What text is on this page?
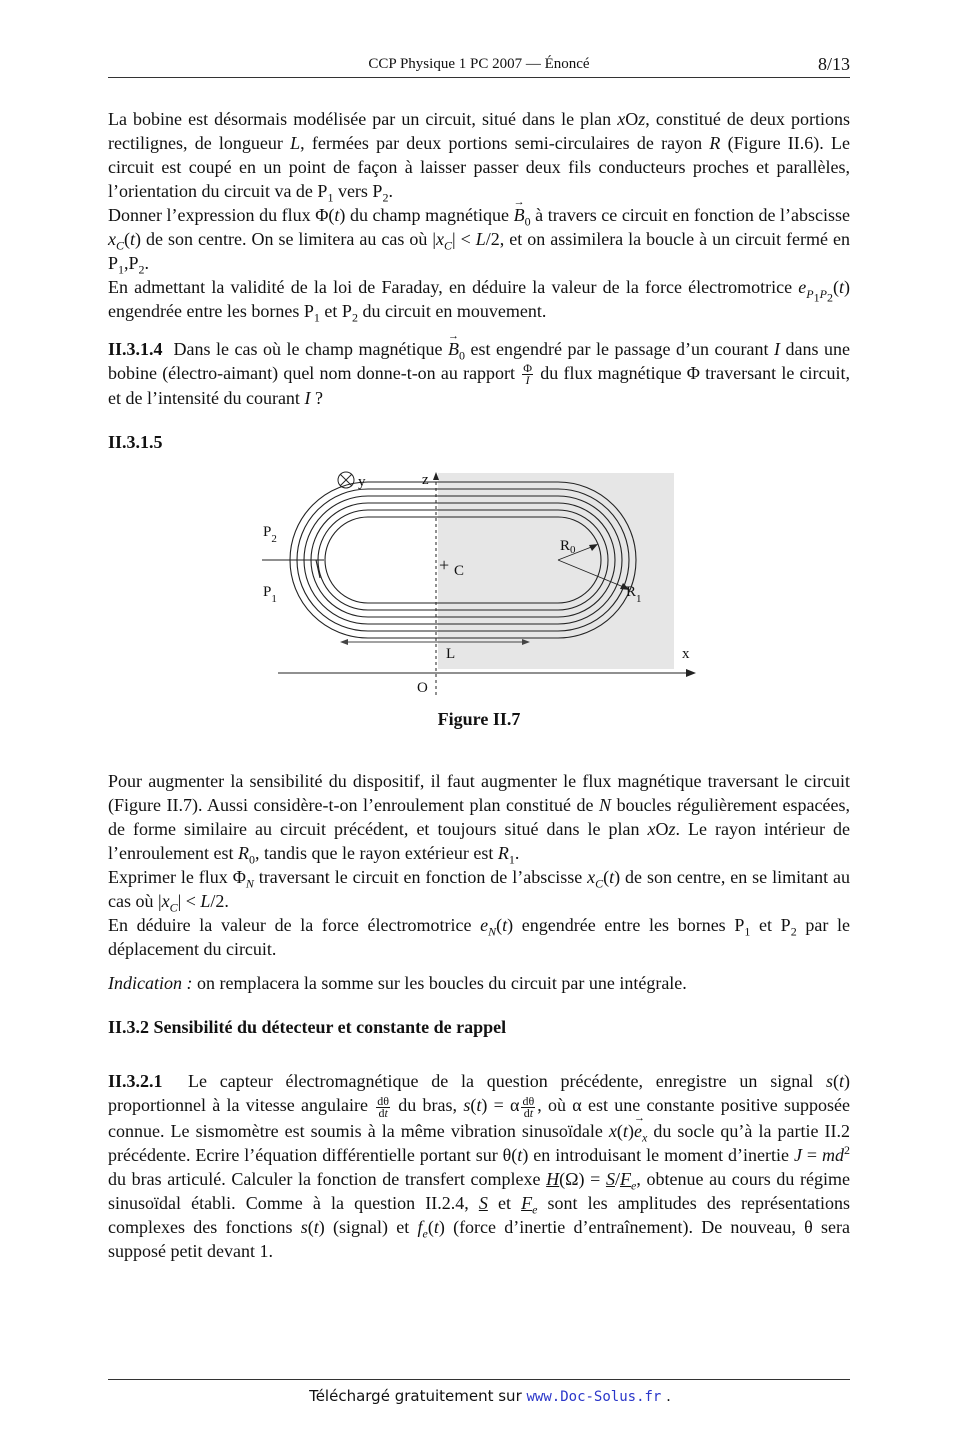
CCP Physique 1 PC 2007 — Énoncé	8/13

La bobine est désormais modélisée par un circuit, situé dans le plan xOz, constitué de deux portions rectilignes, de longueur L, fermées par deux portions semi-circulaires de rayon R (Figure II.6). Le circuit est coupé en un point de façon à laisser passer deux fils conducteurs proches et parallèles, l’orientation du circuit va de $P_1$ vers $P_2$.

Donner l’expression du flux Φ(t) du champ magnétique → $B_0$ à travers ce circuit en fonction de l’abscisse $x_C(t)$ de son centre. On se limitera au cas où $|x_C| < L/2$, et on assimilera la boucle à un circuit fermé en $P_1,P_2$.

En admettant la validité de la loi de Faraday, en déduire la valeur de la force électromotrice $e_{P_1P_2}(t)$ engendrée entre les bornes $P_1$ et $P_2$ du circuit en mouvement.

II.3.1.4 Dans le cas où le champ magnétique → $B_0$ est engendré par le passage d’un courant I dans une bobine (électro-aimant) quel nom donne-t-on au rapport $\frac{\Phi}{I}$ du flux magnétique Φ traversant le circuit, et de l’intensité du courant I ?

II.3.1.5

y	z
$P_2$
$P_1$
$R_0$
+ C
$R_1$
L	x
O
Figure II.7

Pour augmenter la sensibilité du dispositif, il faut augmenter le flux magnétique traversant le circuit (Figure II.7). Aussi considère-t-on l’enroulement plan constitué de N boucles régulièrement espacées, de forme similaire au circuit précédent, et toujours situé dans le plan xOz. Le rayon intérieur de l’enroulement est $R_0$, tandis que le rayon extérieur est $R_1$.

Exprimer le flux $\Phi_N$ traversant le circuit en fonction de l’abscisse $x_C(t)$ de son centre, en se limitant au cas où $|x_C| < L/2$.

En déduire la valeur de la force électromotrice $e_N(t)$ engendrée entre les bornes $P_1$ et $P_2$ par le déplacement du circuit.

Indication : on remplacera la somme sur les boucles du circuit par une intégrale.

II.3.2 Sensibilité du détecteur et constante de rappel

II.3.2.1 Le capteur électromagnétique de la question précédente, enregistre un signal s(t) proportionnel à la vitesse angulaire $\frac{d\theta}{dt}$ du bras, s(t) = α $\frac{d\theta}{dt}$ , où α est une constante positive supposée connue. Le sismomètre est soumis à la même vibration sinusoïdale $x(t)\to e_x$ du socle qu’à la partie II.2 précédente. Ecrire l’équation différentielle portant sur θ(t) en introduisant le moment d’inertie $J = md^2$ du bras articulé. Calculer la fonction de transfert complexe $H(\Omega) = S/F_e$, obtenue au cours du régime sinusoïdal établi. Comme à la question II.2.4, S et $F_e$ sont les amplitudes des représentations complexes des fonctions s(t) (signal) et $f_e(t)$ (force d’inertie d’entraînement). De nouveau, θ sera supposé petit devant 1.

Téléchargé gratuitement sur www.Doc-Solus.fr .
